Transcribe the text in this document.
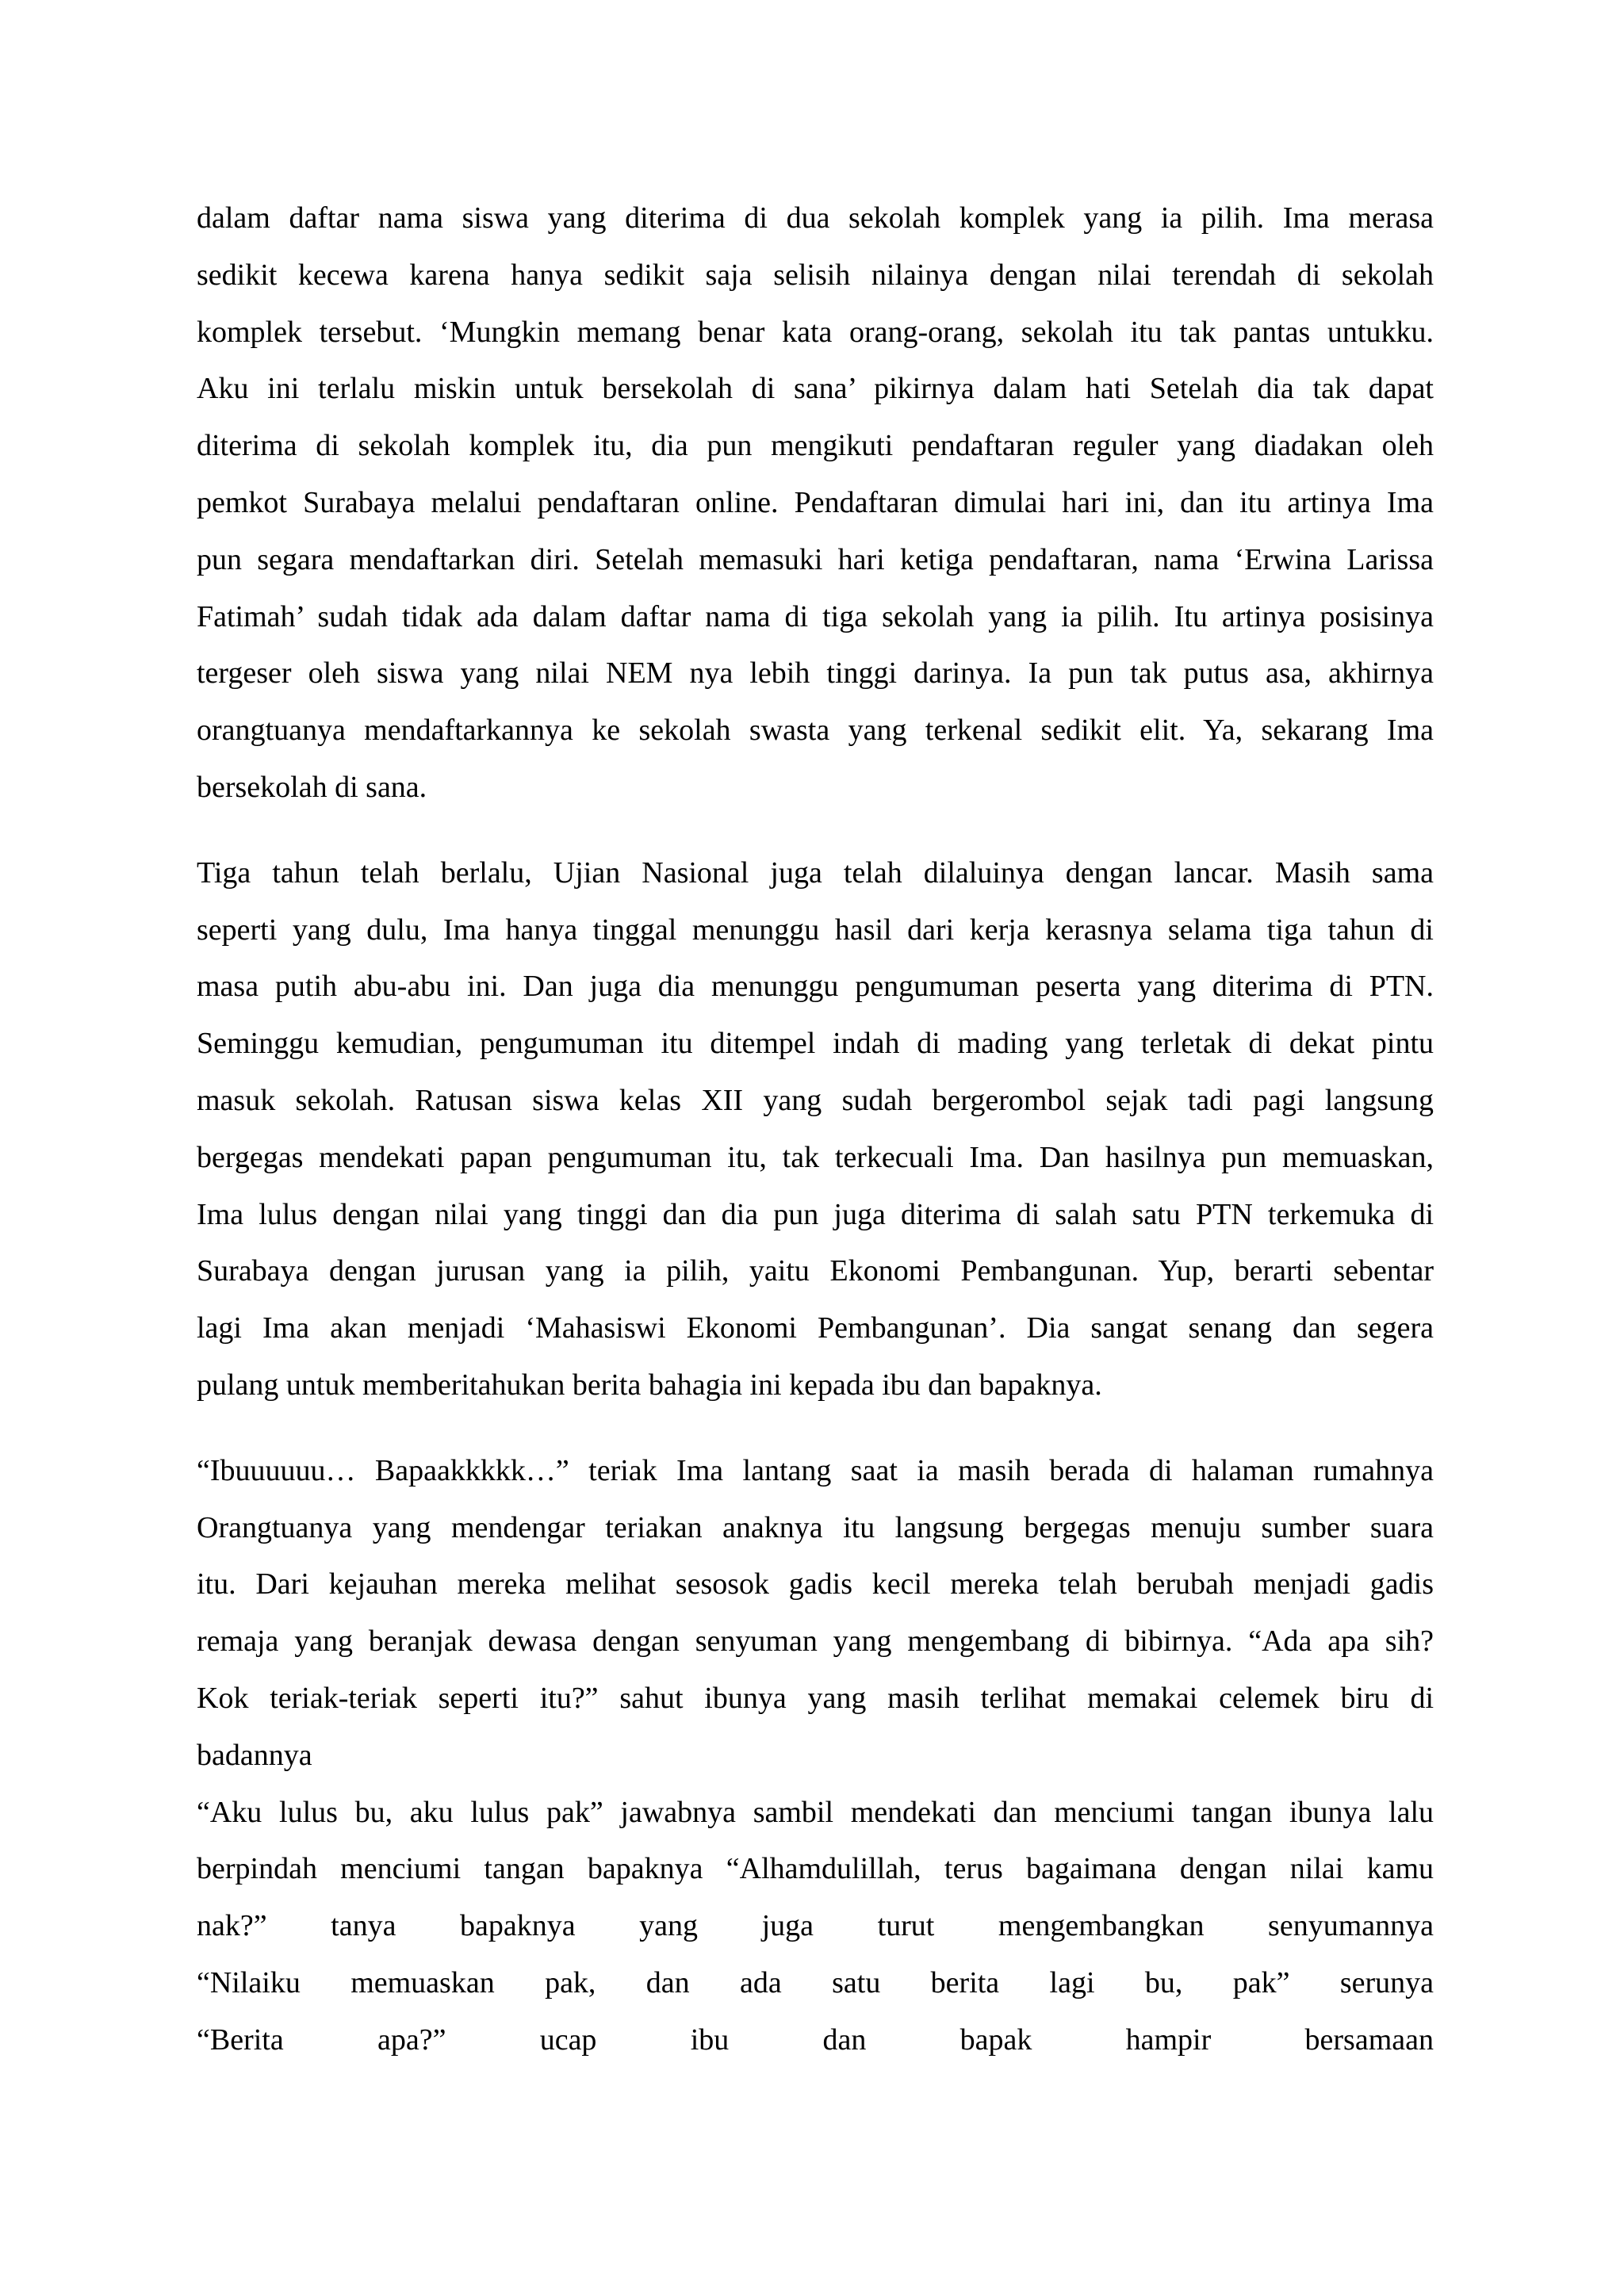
dalam daftar nama siswa yang diterima di dua sekolah komplek yang ia pilih. Ima merasa
sedikit kecewa karena hanya sedikit saja selisih nilainya dengan nilai terendah di sekolah
komplek tersebut. ‘Mungkin memang benar kata orang-orang, sekolah itu tak pantas untukku.
Aku ini terlalu miskin untuk bersekolah di sana’ pikirnya dalam hati Setelah dia tak dapat
diterima di sekolah komplek itu, dia pun mengikuti pendaftaran reguler yang diadakan oleh
pemkot Surabaya melalui pendaftaran online. Pendaftaran dimulai hari ini, dan itu artinya Ima
pun segara mendaftarkan diri. Setelah memasuki hari ketiga pendaftaran, nama ‘Erwina Larissa
Fatimah’ sudah tidak ada dalam daftar nama di tiga sekolah yang ia pilih. Itu artinya posisinya
tergeser oleh siswa yang nilai NEM nya lebih tinggi darinya. Ia pun tak putus asa, akhirnya
orangtuanya mendaftarkannya ke sekolah swasta yang terkenal sedikit elit. Ya, sekarang Ima
bersekolah di sana.
Tiga tahun telah berlalu, Ujian Nasional juga telah dilaluinya dengan lancar. Masih sama
seperti yang dulu, Ima hanya tinggal menunggu hasil dari kerja kerasnya selama tiga tahun di
masa putih abu-abu ini. Dan juga dia menunggu pengumuman peserta yang diterima di PTN.
Seminggu kemudian, pengumuman itu ditempel indah di mading yang terletak di dekat pintu
masuk sekolah. Ratusan siswa kelas XII yang sudah bergerombol sejak tadi pagi langsung
bergegas mendekati papan pengumuman itu, tak terkecuali Ima. Dan hasilnya pun memuaskan,
Ima lulus dengan nilai yang tinggi dan dia pun juga diterima di salah satu PTN terkemuka di
Surabaya dengan jurusan yang ia pilih, yaitu Ekonomi Pembangunan. Yup, berarti sebentar
lagi Ima akan menjadi ‘Mahasiswi Ekonomi Pembangunan’. Dia sangat senang dan segera
pulang untuk memberitahukan berita bahagia ini kepada ibu dan bapaknya.
“Ibuuuuuu… Bapaakkkkk…” teriak Ima lantang saat ia masih berada di halaman rumahnya
Orangtuanya yang mendengar teriakan anaknya itu langsung bergegas menuju sumber suara
itu. Dari kejauhan mereka melihat sesosok gadis kecil mereka telah berubah menjadi gadis
remaja yang beranjak dewasa dengan senyuman yang mengembang di bibirnya. “Ada apa sih?
Kok teriak-teriak seperti itu?” sahut ibunya yang masih terlihat memakai celemek biru di
badannya
“Aku lulus bu, aku lulus pak” jawabnya sambil mendekati dan menciumi tangan ibunya lalu
berpindah menciumi tangan bapaknya “Alhamdulillah, terus bagaimana dengan nilai kamu
nak?” tanya bapaknya yang juga turut mengembangkan senyumannya
“Nilaiku memuaskan pak, dan ada satu berita lagi bu, pak” serunya
“Berita apa?” ucap ibu dan bapak hampir bersamaan
